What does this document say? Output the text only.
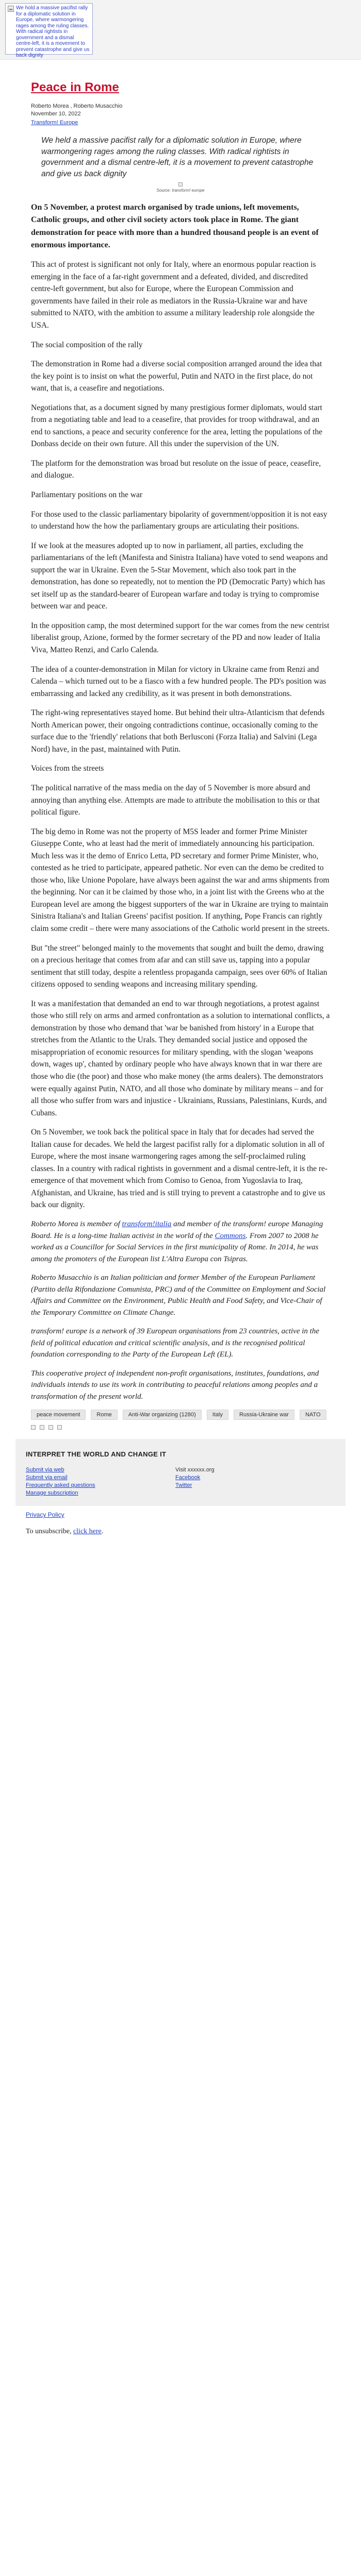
We hold a massive pacifist rally for a diplomatic solution in Europe, where warmongering rages among the ruling classes. With radical rightists in government and a dismal centre-left, it is a movement to prevent catastrophe and give us back dignity
Peace in Rome
Roberto Morea , Roberto Musacchio
November 10, 2022
Transform! Europe
We held a massive pacifist rally for a diplomatic solution in Europe, where warmongering rages among the ruling classes. With radical rightists in government and a dismal centre-left, it is a movement to prevent catastrophe and give us back dignity
Source: transform! europe

On 5 November, a protest march organised by trade unions, left movements, Catholic groups, and other civil society actors took place in Rome. The giant demonstration for peace with more than a hundred thousand people is an event of enormous importance.

This act of protest is significant not only for Italy, where an enormous popular reaction is emerging in the face of a far-right government and a defeated, divided, and discredited centre-left government, but also for Europe, where the European Commission and governments have failed in their role as mediators in the Russia-Ukraine war and have submitted to NATO, with the ambition to assume a military leadership role alongside the USA.

The social composition of the rally

The demonstration in Rome had a diverse social composition arranged around the idea that the key point is to insist on what the powerful, Putin and NATO in the first place, do not want, that is, a ceasefire and negotiations.

Negotiations that, as a document signed by many prestigious former diplomats, would start from a negotiating table and lead to a ceasefire, that provides for troop withdrawal, and an end to sanctions, a peace and security conference for the area, letting the populations of the Donbass decide on their own future. All this under the supervision of the UN.

The platform for the demonstration was broad but resolute on the issue of peace, ceasefire, and dialogue.

Parliamentary positions on the war

For those used to the classic parliamentary bipolarity of government/opposition it is not easy to understand how the how the parliamentary groups are articulating their positions.

If we look at the measures adopted up to now in parliament, all parties, excluding the parliamentarians of the left (Manifesta and Sinistra Italiana) have voted to send weapons and support the war in Ukraine. Even the 5-Star Movement, which also took part in the demonstration, has done so repeatedly, not to mention the PD (Democratic Party) which has set itself up as the standard-bearer of European warfare and today is trying to compromise between war and peace.

In the opposition camp, the most determined support for the war comes from the new centrist liberalist group, Azione, formed by the former secretary of the PD and now leader of Italia Viva, Matteo Renzi, and Carlo Calenda.

The idea of a counter-demonstration in Milan for victory in Ukraine came from Renzi and Calenda – which turned out to be a fiasco with a few hundred people. The PD's position was embarrassing and lacked any credibility, as it was present in both demonstrations.

The right-wing representatives stayed home. But behind their ultra-Atlanticism that defends North American power, their ongoing contradictions continue, occasionally coming to the surface due to the 'friendly' relations that both Berlusconi (Forza Italia) and Salvini (Lega Nord) have, in the past, maintained with Putin.

Voices from the streets

The political narrative of the mass media on the day of 5 November is more absurd and annoying than anything else. Attempts are made to attribute the mobilisation to this or that political figure.

The big demo in Rome was not the property of M5S leader and former Prime Minister Giuseppe Conte, who at least had the merit of immediately announcing his participation. Much less was it the demo of Enrico Letta, PD secretary and former Prime Minister, who, contested as he tried to participate, appeared pathetic. Nor even can the demo be credited to those who, like Unione Popolare, have always been against the war and arms shipments from the beginning. Nor can it be claimed by those who, in a joint list with the Greens who at the European level are among the biggest supporters of the war in Ukraine are trying to maintain Sinistra Italiana's and Italian Greens' pacifist position. If anything, Pope Francis can rightly claim some credit – there were many associations of the Catholic world present in the streets.

But "the street" belonged mainly to the movements that sought and built the demo, drawing on a precious heritage that comes from afar and can still save us, tapping into a popular sentiment that still today, despite a relentless propaganda campaign, sees over 60% of Italian citizens opposed to sending weapons and increasing military spending.

It was a manifestation that demanded an end to war through negotiations, a protest against those who still rely on arms and armed confrontation as a solution to international conflicts, a demonstration by those who demand that 'war be banished from history' in a Europe that stretches from the Atlantic to the Urals. They demanded social justice and opposed the misappropriation of economic resources for military spending, with the slogan 'weapons down, wages up', chanted by ordinary people who have always known that in war there are those who die (the poor) and those who make money (the arms dealers). The demonstrators were equally against Putin, NATO, and all those who dominate by military means – and for all those who suffer from wars and injustice - Ukrainians, Russians, Palestinians, Kurds, and Cubans.

On 5 November, we took back the political space in Italy that for decades had served the Italian cause for decades. We held the largest pacifist rally for a diplomatic solution in all of Europe, where the most insane warmongering rages among the self-proclaimed ruling classes. In a country with radical rightists in government and a dismal centre-left, it is the re-emergence of that movement which from Comiso to Genoa, from Yugoslavia to Iraq, Afghanistan, and Ukraine, has tried and is still trying to prevent a catastrophe and to give us back our dignity.

Roberto Morea is member of transform!italia and member of the transform! europe Managing Board. He is a long-time Italian activist in the world of the Commons. From 2007 to 2008 he worked as a Councillor for Social Services in the first municipality of Rome. In 2014, he was among the promoters of the European list L'Altra Europa con Tsipras.

Roberto Musacchio is an Italian politician and former Member of the European Parliament (Partito della Rifondazione Comunista, PRC) and of the Committee on Employment and Social Affairs and Committee on the Environment, Public Health and Food Safety, and Vice-Chair of the Temporary Committee on Climate Change.

transform! europe is a network of 39 European organisations from 23 countries, active in the field of political education and critical scientific analysis, and is the recognised political foundation corresponding to the Party of the European Left (EL).

This cooperative project of independent non-profit organisations, institutes, foundations, and individuals intends to use its work in contributing to peaceful relations among peoples and a transformation of the present world.

peace movement	Rome	Anti-War organizing (1280)	Italy	Russia-Ukraine war	NATO
INTERPRET THE WORLD AND CHANGE IT
Submit via web
Submit via email
Frequently asked questions
Manage subscription
Visit xxxxxx.org
Facebook
Twitter
Privacy Policy
To unsubscribe, click here.
